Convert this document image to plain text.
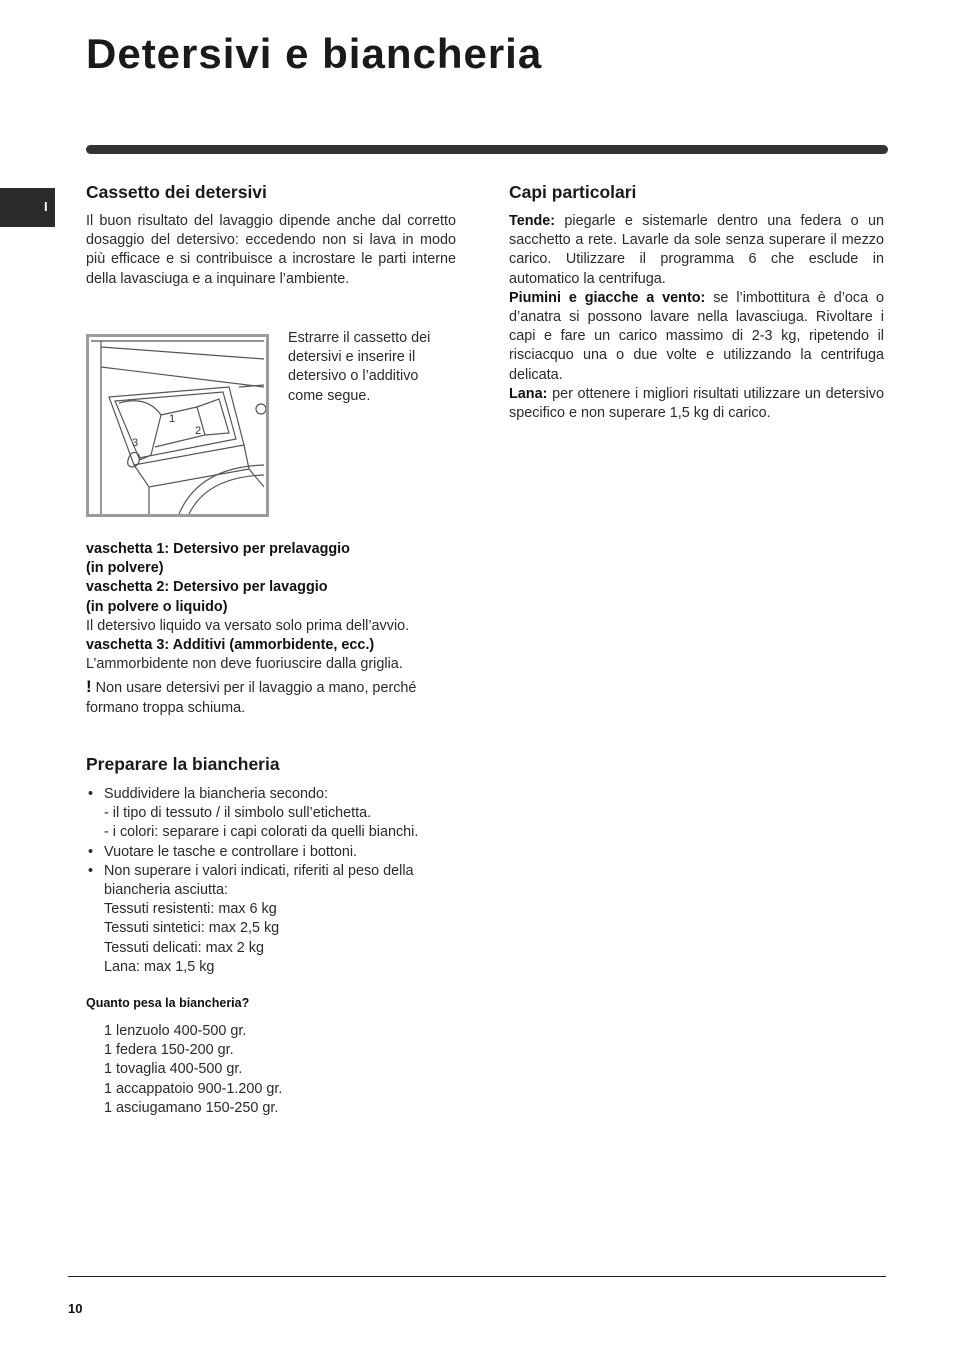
Detersivi e biancheria
I
Cassetto dei detersivi

Il buon risultato del lavaggio dipende anche dal corretto dosaggio del detersivo: eccedendo non si lava in modo più efficace e si contribuisce a incrostare le parti interne della lavasciuga e a inquinare l’ambiente.

1
2
3

Estrarre il cassetto dei detersivi e inserire il detersivo o l’additivo come segue.

vaschetta 1: Detersivo per prelavaggio

(in polvere)

vaschetta 2: Detersivo per lavaggio

(in polvere o liquido)

Il detersivo liquido va versato solo prima dell’avvio.

vaschetta 3: Additivi (ammorbidente, ecc.)

L’ammorbidente non deve fuoriuscire dalla griglia.

! Non usare detersivi per il lavaggio a mano, perché formano troppa schiuma.

Preparare la biancheria
• Suddividere la biancheria secondo:

- il tipo di tessuto / il simbolo sull’etichetta.

- i colori: separare i capi colorati da quelli bianchi.

• Vuotare le tasche e controllare i bottoni.
• Non superare i valori indicati, riferiti al peso della biancheria asciutta:

Tessuti resistenti: max 6 kg

Tessuti sintetici: max 2,5 kg

Tessuti delicati: max 2 kg

Lana: max 1,5 kg

Quanto pesa la biancheria?

1 lenzuolo 400-500 gr.

1 federa 150-200 gr.

1 tovaglia 400-500 gr.

1 accappatoio 900-1.200 gr.

1 asciugamano 150-250 gr.

Capi particolari

Tende: piegarle e sistemarle dentro una federa o un sacchetto a rete. Lavarle da sole senza superare il mezzo carico. Utilizzare il programma 6 che esclude in automatico la centrifuga.

Piumini e giacche a vento: se l’imbottitura è d’oca o d’anatra si possono lavare nella lavasciuga. Rivoltare i capi e fare un carico massimo di 2-3 kg, ripetendo il risciacquo una o due volte e utilizzando la centrifuga delicata.

Lana: per ottenere i migliori risultati utilizzare un detersivo specifico e non superare 1,5 kg di carico.

10
